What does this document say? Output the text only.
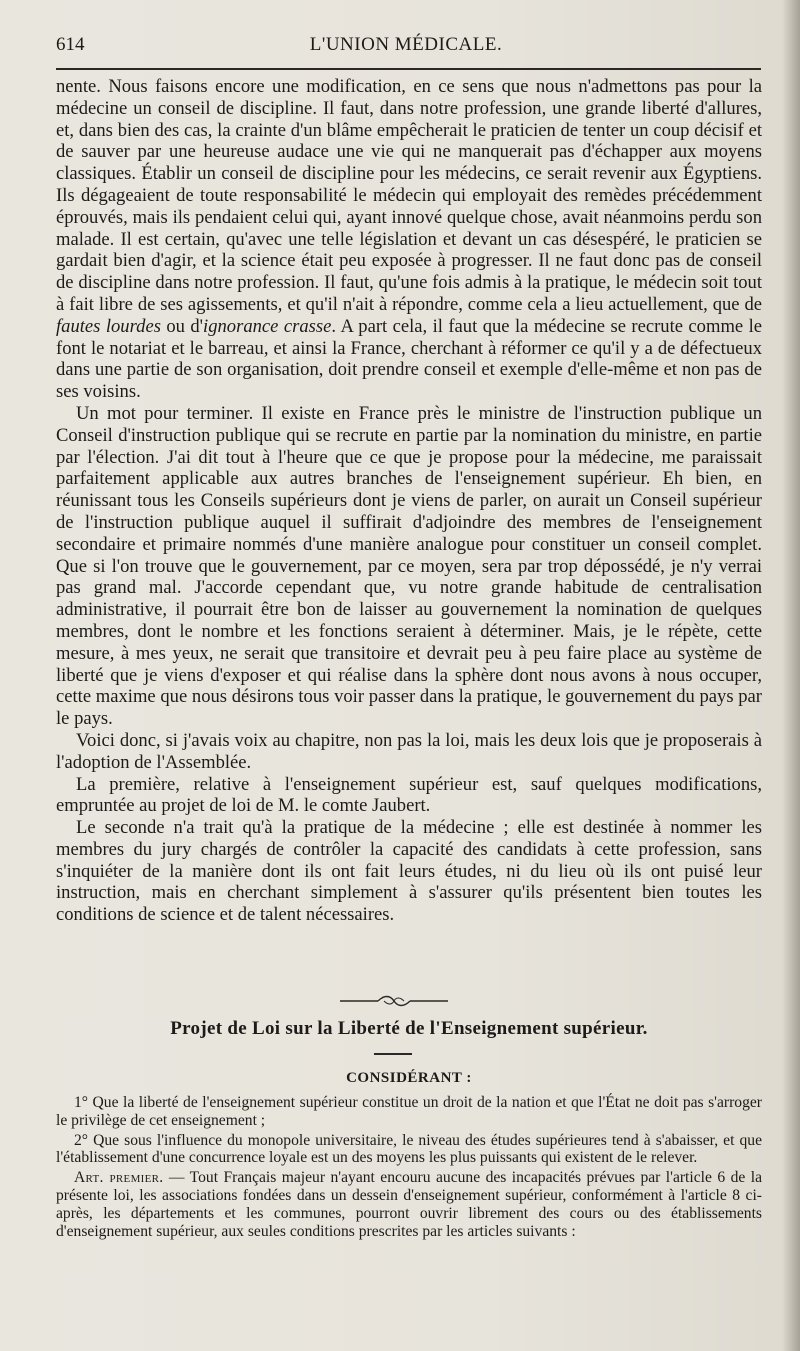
614	L'UNION MÉDICALE.

nente. Nous faisons encore une modification, en ce sens que nous n'admettons pas pour la médecine un conseil de discipline. Il faut, dans notre profession, une grande liberté d'allures, et, dans bien des cas, la crainte d'un blâme empêcherait le praticien de tenter un coup décisif et de sauver par une heureuse audace une vie qui ne manquerait pas d'échapper aux moyens classiques. Établir un conseil de discipline pour les médecins, ce serait revenir aux Égyptiens. Ils dégageaient de toute responsabilité le médecin qui employait des remèdes précédemment éprouvés, mais ils pendaient celui qui, ayant innové quelque chose, avait néanmoins perdu son malade. Il est certain, qu'avec une telle législation et devant un cas désespéré, le praticien se gardait bien d'agir, et la science était peu exposée à progresser. Il ne faut donc pas de conseil de discipline dans notre profession. Il faut, qu'une fois admis à la pratique, le médecin soit tout à fait libre de ses agissements, et qu'il n'ait à répondre, comme cela a lieu actuellement, que de fautes lourdes ou d'ignorance crasse. A part cela, il faut que la médecine se recrute comme le font le notariat et le barreau, et ainsi la France, cherchant à réformer ce qu'il y a de défectueux dans une partie de son organisation, doit prendre conseil et exemple d'elle-même et non pas de ses voisins.

Un mot pour terminer. Il existe en France près le ministre de l'instruction publique un Conseil d'instruction publique qui se recrute en partie par la nomination du ministre, en partie par l'élection. J'ai dit tout à l'heure que ce que je propose pour la médecine, me paraissait parfaitement applicable aux autres branches de l'enseignement supérieur. Eh bien, en réunissant tous les Conseils supérieurs dont je viens de parler, on aurait un Conseil supérieur de l'instruction publique auquel il suffirait d'adjoindre des membres de l'enseignement secondaire et primaire nommés d'une manière analogue pour constituer un conseil complet. Que si l'on trouve que le gouvernement, par ce moyen, sera par trop dépossédé, je n'y verrai pas grand mal. J'accorde cependant que, vu notre grande habitude de centralisation administrative, il pourrait être bon de laisser au gouvernement la nomination de quelques membres, dont le nombre et les fonctions seraient à déterminer. Mais, je le répète, cette mesure, à mes yeux, ne serait que transitoire et devrait peu à peu faire place au système de liberté que je viens d'exposer et qui réalise dans la sphère dont nous avons à nous occuper, cette maxime que nous désirons tous voir passer dans la pratique, le gouvernement du pays par le pays.

Voici donc, si j'avais voix au chapitre, non pas la loi, mais les deux lois que je proposerais à l'adoption de l'Assemblée.

La première, relative à l'enseignement supérieur est, sauf quelques modifications, empruntée au projet de loi de M. le comte Jaubert.

Le seconde n'a trait qu'à la pratique de la médecine ; elle est destinée à nommer les membres du jury chargés de contrôler la capacité des candidats à cette profession, sans s'inquiéter de la manière dont ils ont fait leurs études, ni du lieu où ils ont puisé leur instruction, mais en cherchant simplement à s'assurer qu'ils présentent bien toutes les conditions de science et de talent nécessaires.

Projet de Loi sur la Liberté de l'Enseignement supérieur.
CONSIDÉRANT :

1° Que la liberté de l'enseignement supérieur constitue un droit de la nation et que l'État ne doit pas s'arroger le privilège de cet enseignement ;

2° Que sous l'influence du monopole universitaire, le niveau des études supérieures tend à s'abaisser, et que l'établissement d'une concurrence loyale est un des moyens les plus puissants qui existent de le relever.

Art. premier. — Tout Français majeur n'ayant encouru aucune des incapacités prévues par l'article 6 de la présente loi, les associations fondées dans un dessein d'enseignement supérieur, conformément à l'article 8 ci-après, les départements et les communes, pourront ouvrir librement des cours ou des établissements d'enseignement supérieur, aux seules conditions prescrites par les articles suivants :
